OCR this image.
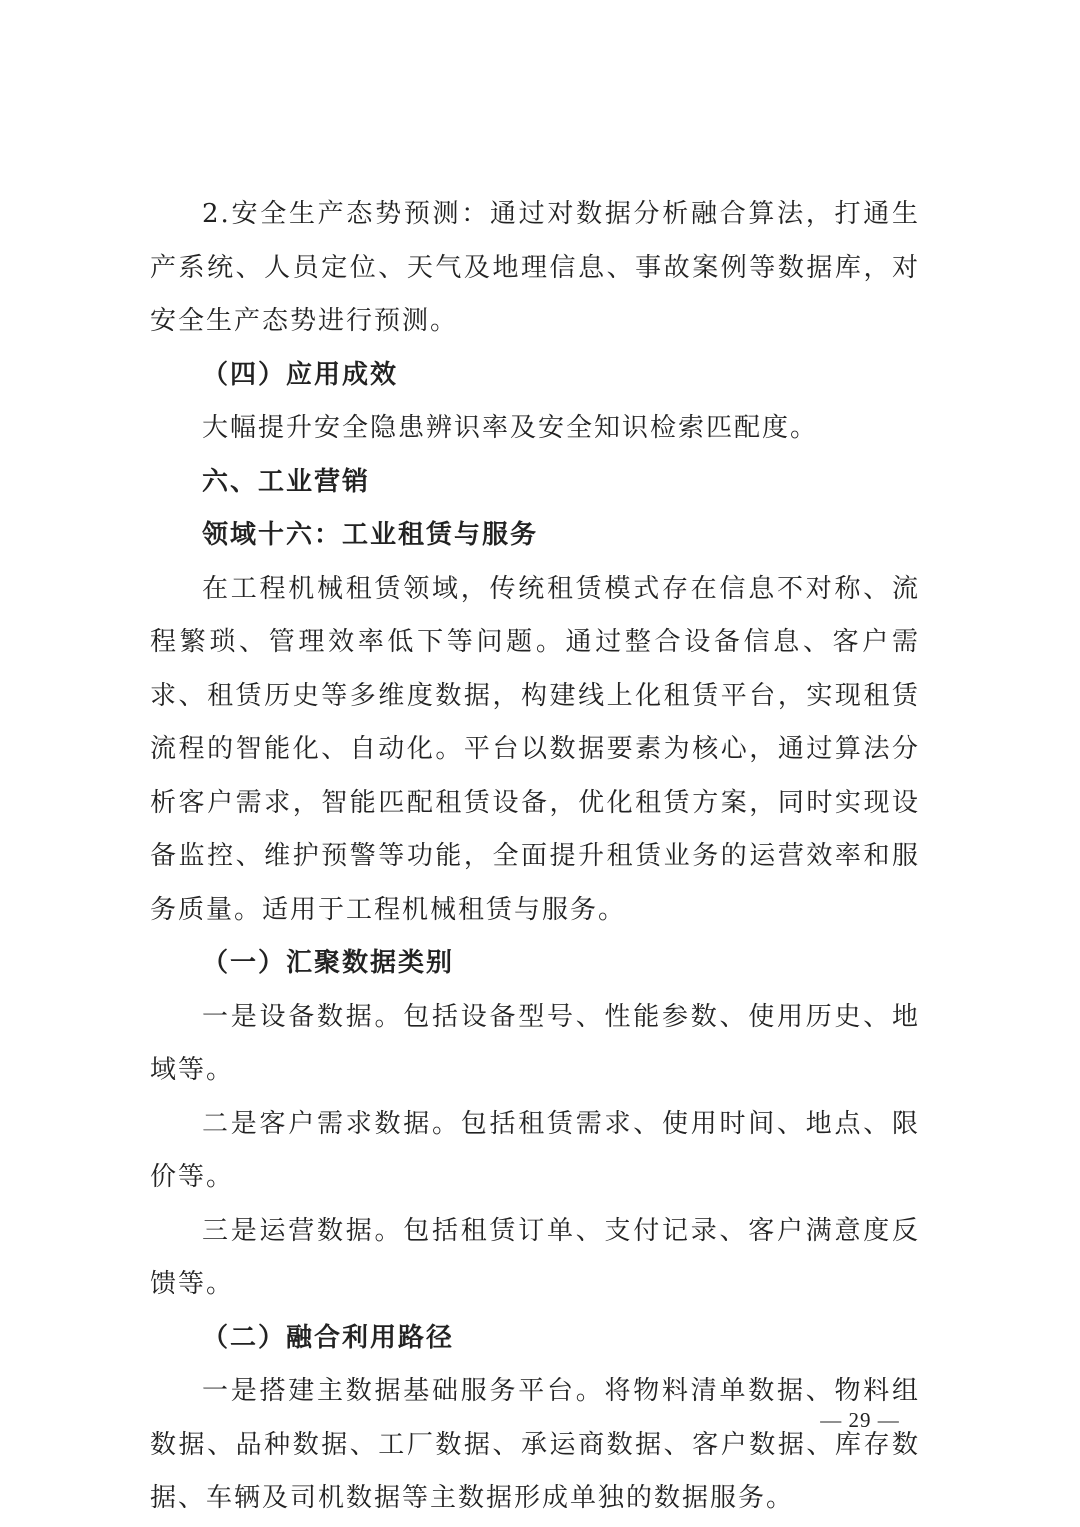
2.安全生产态势预测：通过对数据分析融合算法，打通生产系统、人员定位、天气及地理信息、事故案例等数据库，对安全生产态势进行预测。

（四）应用成效

大幅提升安全隐患辨识率及安全知识检索匹配度。

六、工业营销

领域十六：工业租赁与服务

在工程机械租赁领域，传统租赁模式存在信息不对称、流程繁琐、管理效率低下等问题。通过整合设备信息、客户需求、租赁历史等多维度数据，构建线上化租赁平台，实现租赁流程的智能化、自动化。平台以数据要素为核心，通过算法分析客户需求，智能匹配租赁设备，优化租赁方案，同时实现设备监控、维护预警等功能，全面提升租赁业务的运营效率和服务质量。适用于工程机械租赁与服务。

（一）汇聚数据类别

一是设备数据。包括设备型号、性能参数、使用历史、地域等。

二是客户需求数据。包括租赁需求、使用时间、地点、限价等。

三是运营数据。包括租赁订单、支付记录、客户满意度反馈等。

（二）融合利用路径

一是搭建主数据基础服务平台。将物料清单数据、物料组数据、品种数据、工厂数据、承运商数据、客户数据、库存数据、车辆及司机数据等主数据形成单独的数据服务。

— 29 —
